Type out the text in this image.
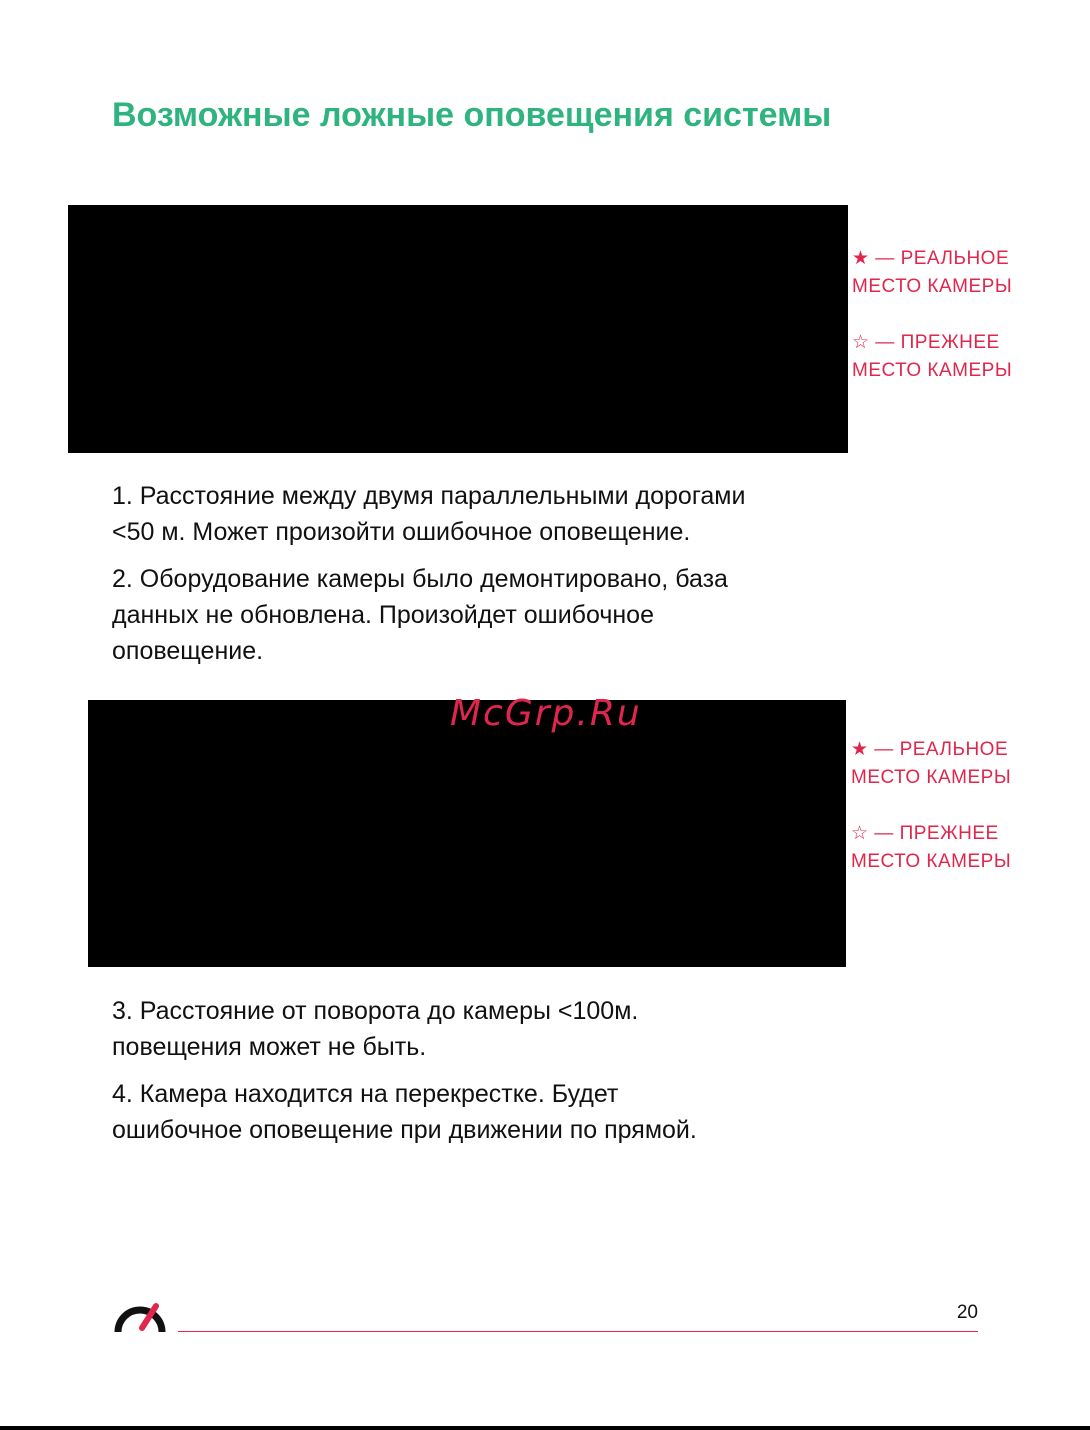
Возможные ложные оповещения системы
★ — РЕАЛЬНОЕ
МЕСТО КАМЕРЫ
☆ — ПРЕЖНЕЕ
МЕСТО КАМЕРЫ

1. Расстояние между двумя параллельными дорогами
<50 м. Может произойти ошибочное оповещение.

2. Оборудование камеры было демонтировано, база
данных не обновлена. Произойдет ошибочное
оповещение.

McGrp.Ru
★ — РЕАЛЬНОЕ
МЕСТО КАМЕРЫ
☆ — ПРЕЖНЕЕ
МЕСТО КАМЕРЫ

3. Расстояние от поворота до камеры <100м.
повещения может не быть.

4. Камера находится на перекрестке. Будет
ошибочное оповещение при движении по прямой.

20
